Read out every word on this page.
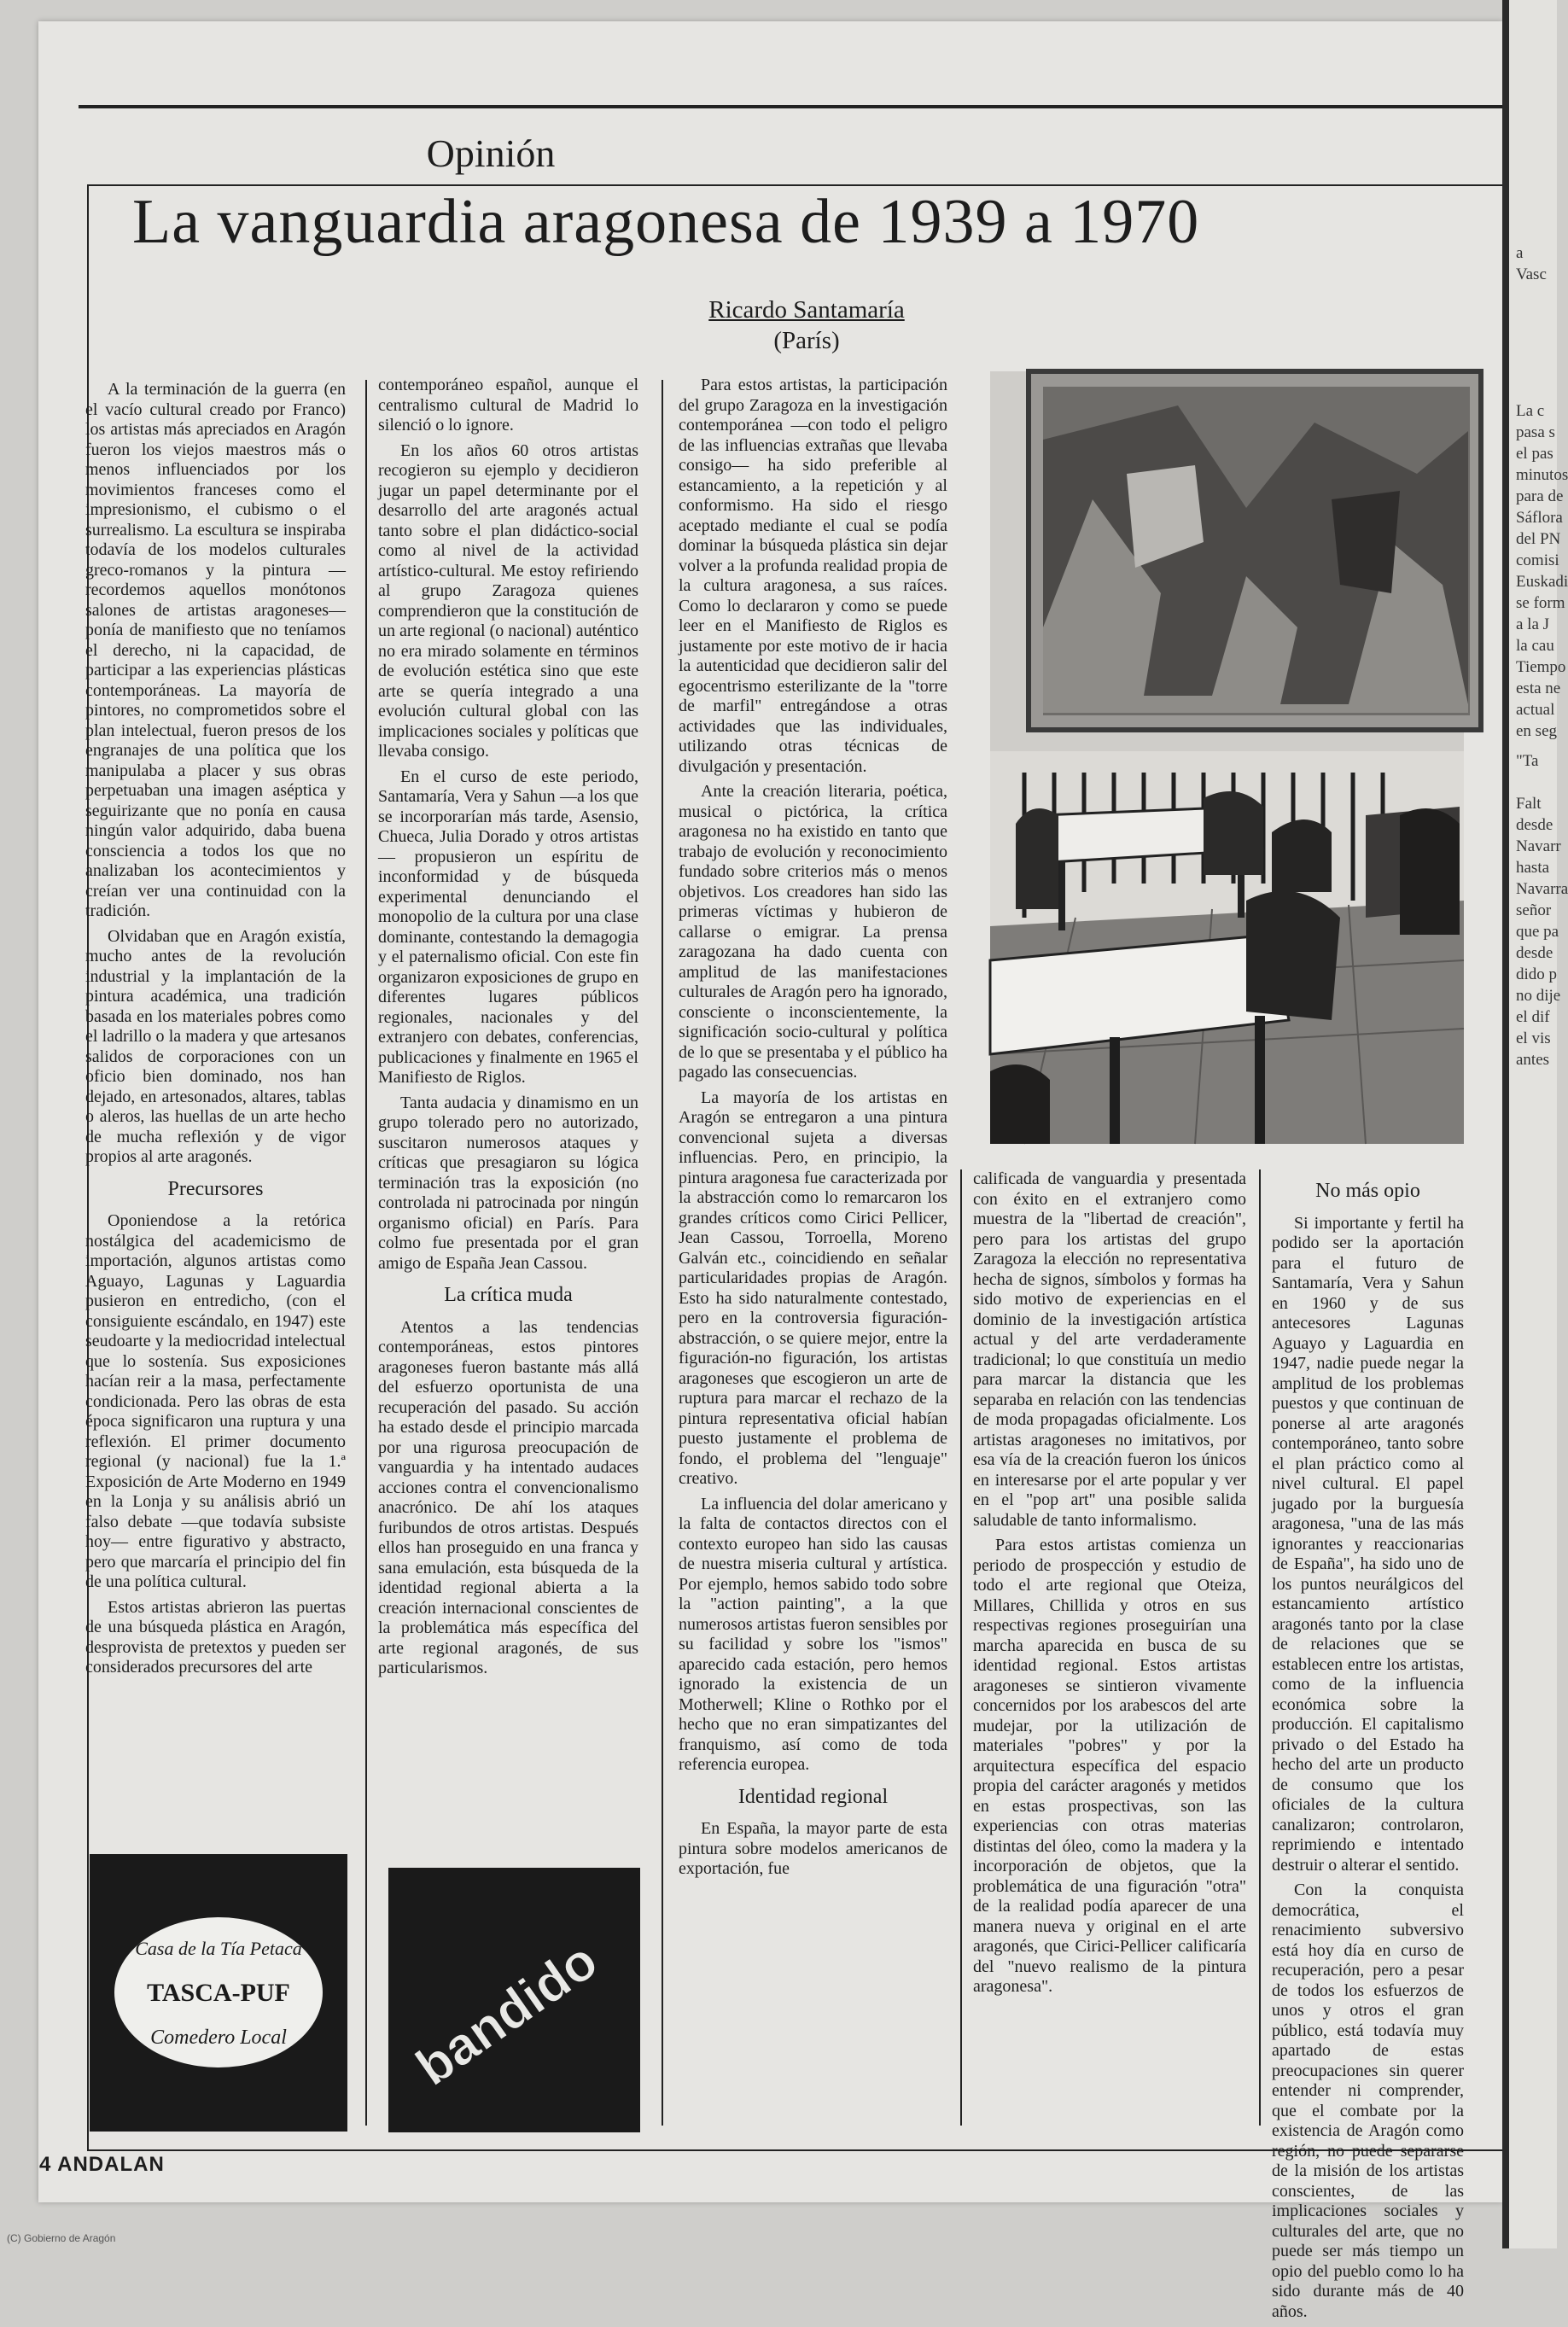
Opinión
La vanguardia aragonesa de 1939 a 1970
Ricardo Santamaría
(París)

A la terminación de la guerra (en el vacío cultural creado por Franco) los artistas más apreciados en Aragón fueron los viejos maestros más o menos influenciados por los movimientos franceses como el impresionismo, el cubismo o el surrealismo. La escultura se inspiraba todavía de los modelos culturales greco-romanos y la pintura —recordemos aquellos monótonos salones de artistas aragoneses— ponía de manifiesto que no teníamos el derecho, ni la capacidad, de participar a las experiencias plásticas contemporáneas. La mayoría de pintores, no comprometidos sobre el plan intelectual, fueron presos de los engranajes de una política que los manipulaba a placer y sus obras perpetuaban una imagen aséptica y seguirizante que no ponía en causa ningún valor adquirido, daba buena consciencia a todos los que no analizaban los acontecimientos y creían ver una continuidad con la tradición.

Olvidaban que en Aragón existía, mucho antes de la revolución industrial y la implantación de la pintura académica, una tradición basada en los materiales pobres como el ladrillo o la madera y que artesanos salidos de corporaciones con un oficio bien dominado, nos han dejado, en artesonados, altares, tablas o aleros, las huellas de un arte hecho de mucha reflexión y de vigor propios al arte aragonés.

Precursores

Oponiendose a la retórica nostálgica del academicismo de importación, algunos artistas como Aguayo, Lagunas y Laguardia pusieron en entredicho, (con el consiguiente escándalo, en 1947) este seudoarte y la mediocridad intelectual que lo sostenía. Sus exposiciones hacían reir a la masa, perfectamente condicionada. Pero las obras de esta época significaron una ruptura y una reflexión. El primer documento regional (y nacional) fue la 1.ª Exposición de Arte Moderno en 1949 en la Lonja y su análisis abrió un falso debate —que todavía subsiste hoy— entre figurativo y abstracto, pero que marcaría el principio del fin de una política cultural.

Estos artistas abrieron las puertas de una búsqueda plástica en Aragón, desprovista de pretextos y pueden ser considerados precursores del arte

contemporáneo español, aunque el centralismo cultural de Madrid lo silenció o lo ignore.

En los años 60 otros artistas recogieron su ejemplo y decidieron jugar un papel determinante por el desarrollo del arte aragonés actual tanto sobre el plan didáctico-social como al nivel de la actividad artístico-cultural. Me estoy refiriendo al grupo Zaragoza quienes comprendieron que la constitución de un arte regional (o nacional) auténtico no era mirado solamente en términos de evolución estética sino que este arte se quería integrado a una evolución cultural global con las implicaciones sociales y políticas que llevaba consigo.

En el curso de este periodo, Santamaría, Vera y Sahun —a los que se incorporarían más tarde, Asensio, Chueca, Julia Dorado y otros artistas— propusieron un espíritu de inconformidad y de búsqueda experimental denunciando el monopolio de la cultura por una clase dominante, contestando la demagogia y el paternalismo oficial. Con este fin organizaron exposiciones de grupo en diferentes lugares públicos regionales, nacionales y del extranjero con debates, conferencias, publicaciones y finalmente en 1965 el Manifiesto de Riglos.

Tanta audacia y dinamismo en un grupo tolerado pero no autorizado, suscitaron numerosos ataques y críticas que presagiaron su lógica terminación tras la exposición (no controlada ni patrocinada por ningún organismo oficial) en París. Para colmo fue presentada por el gran amigo de España Jean Cassou.

La crítica muda

Atentos a las tendencias contemporáneas, estos pintores aragoneses fueron bastante más allá del esfuerzo oportunista de una recuperación del pasado. Su acción ha estado desde el principio marcada por una rigurosa preocupación de vanguardia y ha intentado audaces acciones contra el convencionalismo anacrónico. De ahí los ataques furibundos de otros artistas. Después ellos han proseguido en una franca y sana emulación, esta búsqueda de la identidad regional abierta a la creación internacional conscientes de la problemática más específica del arte regional aragonés, de sus particularismos.

Para estos artistas, la participación del grupo Zaragoza en la investigación contemporánea —con todo el peligro de las influencias extrañas que llevaba consigo— ha sido preferible al estancamiento, a la repetición y al conformismo. Ha sido el riesgo aceptado mediante el cual se podía dominar la búsqueda plástica sin dejar volver a la profunda realidad propia de la cultura aragonesa, a sus raíces. Como lo declararon y como se puede leer en el Manifiesto de Riglos es justamente por este motivo de ir hacia la autenticidad que decidieron salir del egocentrismo esterilizante de la "torre de marfil" entregándose a otras actividades que las individuales, utilizando otras técnicas de divulgación y presentación.

Ante la creación literaria, poética, musical o pictórica, la crítica aragonesa no ha existido en tanto que trabajo de evolución y reconocimiento fundado sobre criterios más o menos objetivos. Los creadores han sido las primeras víctimas y hubieron de callarse o emigrar. La prensa zaragozana ha dado cuenta con amplitud de las manifestaciones culturales de Aragón pero ha ignorado, consciente o inconscientemente, la significación socio-cultural y política de lo que se presentaba y el público ha pagado las consecuencias.

La mayoría de los artistas en Aragón se entregaron a una pintura convencional sujeta a diversas influencias. Pero, en principio, la pintura aragonesa fue caracterizada por la abstracción como lo remarcaron los grandes críticos como Cirici Pellicer, Jean Cassou, Torroella, Moreno Galván etc., coincidiendo en señalar particularidades propias de Aragón. Esto ha sido naturalmente contestado, pero en la controversia figuración-abstracción, o se quiere mejor, entre la figuración-no figuración, los artistas aragoneses que escogieron un arte de ruptura para marcar el rechazo de la pintura representativa oficial habían puesto justamente el problema de fondo, el problema del "lenguaje" creativo.

La influencia del dolar americano y la falta de contactos directos con el contexto europeo han sido las causas de nuestra miseria cultural y artística. Por ejemplo, hemos sabido todo sobre la "action painting", a la que numerosos artistas fueron sensibles por su facilidad y sobre los "ismos" aparecido cada estación, pero hemos ignorado la existencia de un Motherwell; Kline o Rothko por el hecho que no eran simpatizantes del franquismo, así como de toda referencia europea.

Identidad regional

En España, la mayor parte de esta pintura sobre modelos americanos de exportación, fue

calificada de vanguardia y presentada con éxito en el extranjero como muestra de la "libertad de creación", pero para los artistas del grupo Zaragoza la elección no representativa hecha de signos, símbolos y formas ha sido motivo de experiencias en el dominio de la investigación artística actual y del arte verdaderamente tradicional; lo que constituía un medio para marcar la distancia que les separaba en relación con las tendencias de moda propagadas oficialmente. Los artistas aragoneses no imitativos, por esa vía de la creación fueron los únicos en interesarse por el arte popular y ver en el "pop art" una posible salida saludable de tanto informalismo.

Para estos artistas comienza un periodo de prospección y estudio de todo el arte regional que Oteiza, Millares, Chillida y otros en sus respectivas regiones proseguirían una marcha aparecida en busca de su identidad regional. Estos artistas aragoneses se sintieron vivamente concernidos por los arabescos del arte mudejar, por la utilización de materiales "pobres" y por la arquitectura específica del espacio propia del carácter aragonés y metidos en estas prospectivas, son las experiencias con otras materias distintas del óleo, como la madera y la incorporación de objetos, que la problemática de una figuración "otra" de la realidad podía aparecer de una manera nueva y original en el arte aragonés, que Cirici-Pellicer calificaría del "nuevo realismo de la pintura aragonesa".

No más opio

Si importante y fertil ha podido ser la aportación para el futuro de Santamaría, Vera y Sahun en 1960 y de sus antecesores Lagunas Aguayo y Laguardia en 1947, nadie puede negar la amplitud de los problemas puestos y que continuan de ponerse al arte aragonés contemporáneo, tanto sobre el plan práctico como al nivel cultural. El papel jugado por la burguesía aragonesa, "una de las más ignorantes y reaccionarias de España", ha sido uno de los puntos neurálgicos del estancamiento artístico aragonés tanto por la clase de relaciones que se establecen entre los artistas, como de la influencia económica sobre la producción. El capitalismo privado o del Estado ha hecho del arte un producto de consumo que los oficiales de la cultura canalizaron; controlaron, reprimiendo e intentado destruir o alterar el sentido.

Con la conquista democrática, el renacimiento subversivo está hoy día en curso de recuperación, pero a pesar de todos los esfuerzos de unos y otros el gran público, está todavía muy apartado de estas preocupaciones sin querer entender ni comprender, que el combate por la existencia de Aragón como región, no puede separarse de la misión de los artistas conscientes, de las implicaciones sociales y culturales del arte, que no puede ser más tiempo un opio del pueblo como lo ha sido durante más de 40 años.

Casa de la Tía Petaca
TASCA-PUF
Comedero Local bandido
4 ANDALAN
a
Vasc
La c
pasa s
el pas
minutos
para de
Sáflora
del PN
comisi
Euskadi
se form
a la J
la cau
Tiempo
esta ne
actual
en seg
"Ta
Falt
desde
Navarr
hasta
Navarra
señor
que pa
desde
dido p
no dije
el dif
el vis
antes
(C) Gobierno de Aragón
